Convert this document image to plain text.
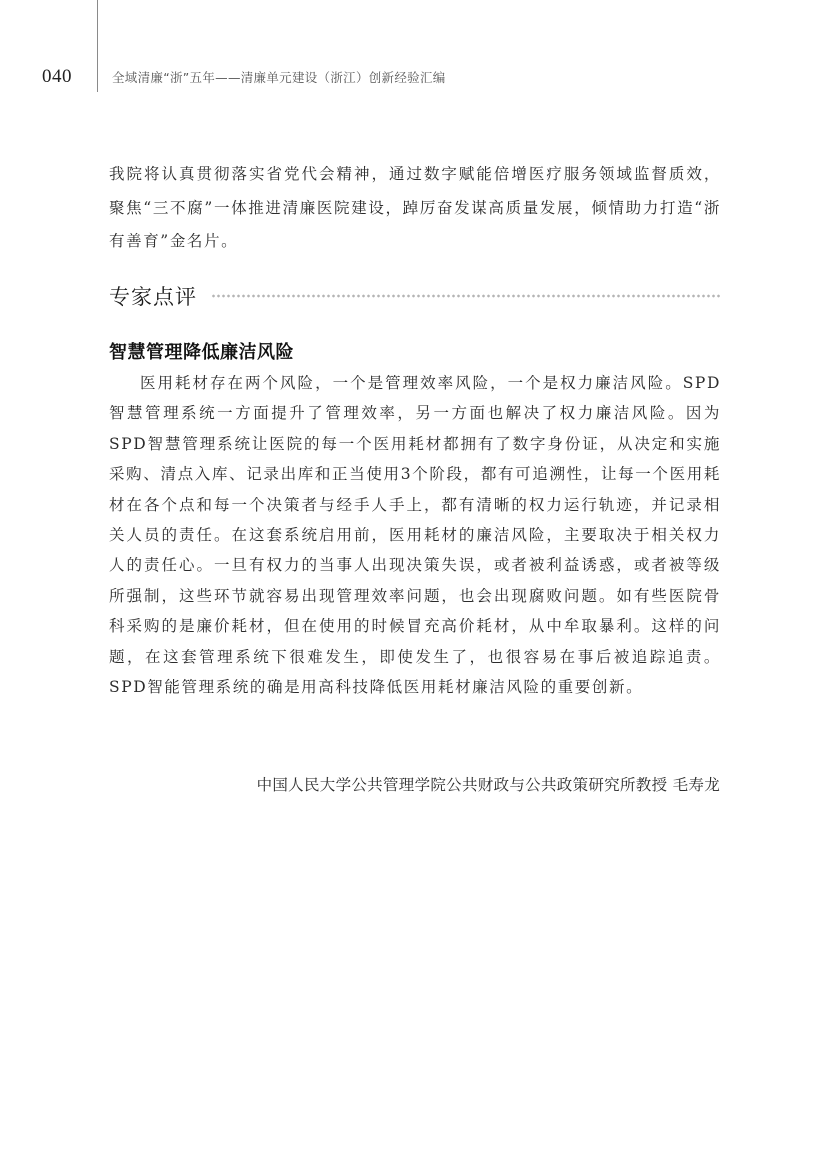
040	全域清廉“浙”五年——清廉单元建设（浙江）创新经验汇编

我院将认真贯彻落实省党代会精神，通过数字赋能倍增医疗服务领域监督质效，聚焦“三不腐”一体推进清廉医院建设，踔厉奋发谋高质量发展，倾情助力打造“浙有善育”金名片。

专家点评
智慧管理降低廉洁风险

医用耗材存在两个风险，一个是管理效率风险，一个是权力廉洁风险。SPD智慧管理系统一方面提升了管理效率，另一方面也解决了权力廉洁风险。因为SPD智慧管理系统让医院的每一个医用耗材都拥有了数字身份证，从决定和实施采购、清点入库、记录出库和正当使用3个阶段，都有可追溯性，让每一个医用耗材在各个点和每一个决策者与经手人手上，都有清晰的权力运行轨迹，并记录相关人员的责任。在这套系统启用前，医用耗材的廉洁风险，主要取决于相关权力人的责任心。一旦有权力的当事人出现决策失误，或者被利益诱惑，或者被等级所强制，这些环节就容易出现管理效率问题，也会出现腐败问题。如有些医院骨科采购的是廉价耗材，但在使用的时候冒充高价耗材，从中牟取暴利。这样的问题，在这套管理系统下很难发生，即使发生了，也很容易在事后被追踪追责。SPD智能管理系统的确是用高科技降低医用耗材廉洁风险的重要创新。

中国人民大学公共管理学院公共财政与公共政策研究所教授 毛寿龙
